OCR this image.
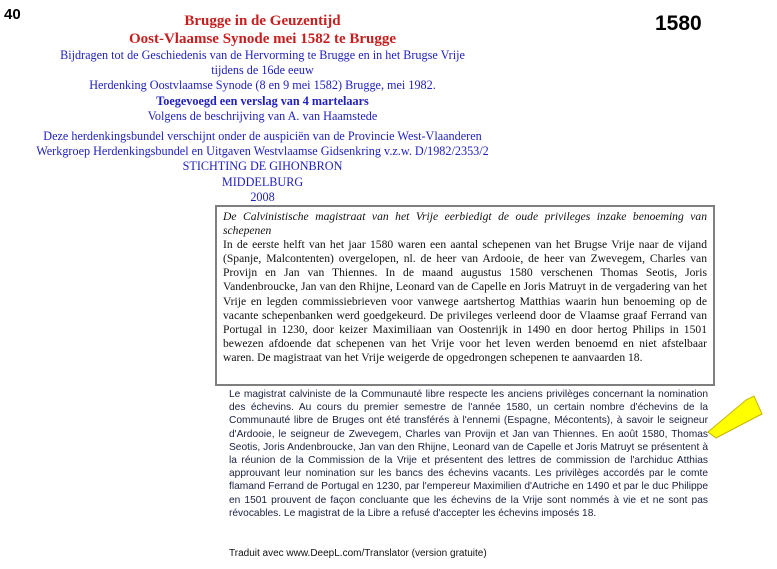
40	1580
Brugge in de Geuzentijd
Oost-Vlaamse Synode mei 1582 te Brugge
Bijdragen tot de Geschiedenis van de Hervorming te Brugge en in het Brugse Vrije
tijdens de 16de eeuw
Herdenking Oostvlaamse Synode (8 en 9 mei 1582) Brugge, mei 1982.
Toegevoegd een verslag van 4 martelaars
Volgens de beschrijving van A. van Haamstede
Deze herdenkingsbundel verschijnt onder de auspiciën van de Provincie West-Vlaanderen
Werkgroep Herdenkingsbundel en Uitgaven Westvlaamse Gidsenkring v.z.w. D/1982/2353/2
STICHTING DE GIHONBRON
MIDDELBURG
2008
De Calvinistische magistraat van het Vrije eerbiedigt de oude privileges inzake benoeming van schepenen
In de eerste helft van het jaar 1580 waren een aantal schepenen van het Brugse Vrije naar de vijand (Spanje, Malcontenten) overgelopen, nl. de heer van Ardooie, de heer van Zwevegem, Charles van Provijn en Jan van Thiennes. In de maand augustus 1580 verschenen Thomas Seotis, Joris Vandenbroucke, Jan van den Rhijne, Leonard van de Capelle en Joris Matruyt in de vergadering van het Vrije en legden commissiebrieven voor vanwege aartshertog Matthias waarin hun benoeming op de vacante schepenbanken werd goedgekeurd. De privileges verleend door de Vlaamse graaf Ferrand van Portugal in 1230, door keizer Maximiliaan van Oostenrijk in 1490 en door hertog Philips in 1501 bewezen afdoende dat schepenen van het Vrije voor het leven werden benoemd en niet afstelbaar waren. De magistraat van het Vrije weigerde de opgedrongen schepenen te aanvaarden 18.
Le magistrat calviniste de la Communauté libre respecte les anciens privilèges concernant la nomination des échevins. Au cours du premier semestre de l'année 1580, un certain nombre d'échevins de la Communauté libre de Bruges ont été transférés à l'ennemi (Espagne, Mécontents), à savoir le seigneur d'Ardooie, le seigneur de Zwevegem, Charles van Provijn et Jan van Thiennes. En août 1580, Thomas Seotis, Joris Andenbroucke, Jan van den Rhijne, Leonard van de Capelle et Joris Matruyt se présentent à la réunion de la Commission de la Vrije et présentent des lettres de commission de l'archiduc Atthias approuvant leur nomination sur les bancs des échevins vacants. Les privilèges accordés par le comte flamand Ferrand de Portugal en 1230, par l'empereur Maximilien d'Autriche en 1490 et par le duc Philippe en 1501 prouvent de façon concluante que les échevins de la Vrije sont nommés à vie et ne sont pas révocables. Le magistrat de la Libre a refusé d'accepter les échevins imposés 18.
Traduit avec www.DeepL.com/Translator (version gratuite)
